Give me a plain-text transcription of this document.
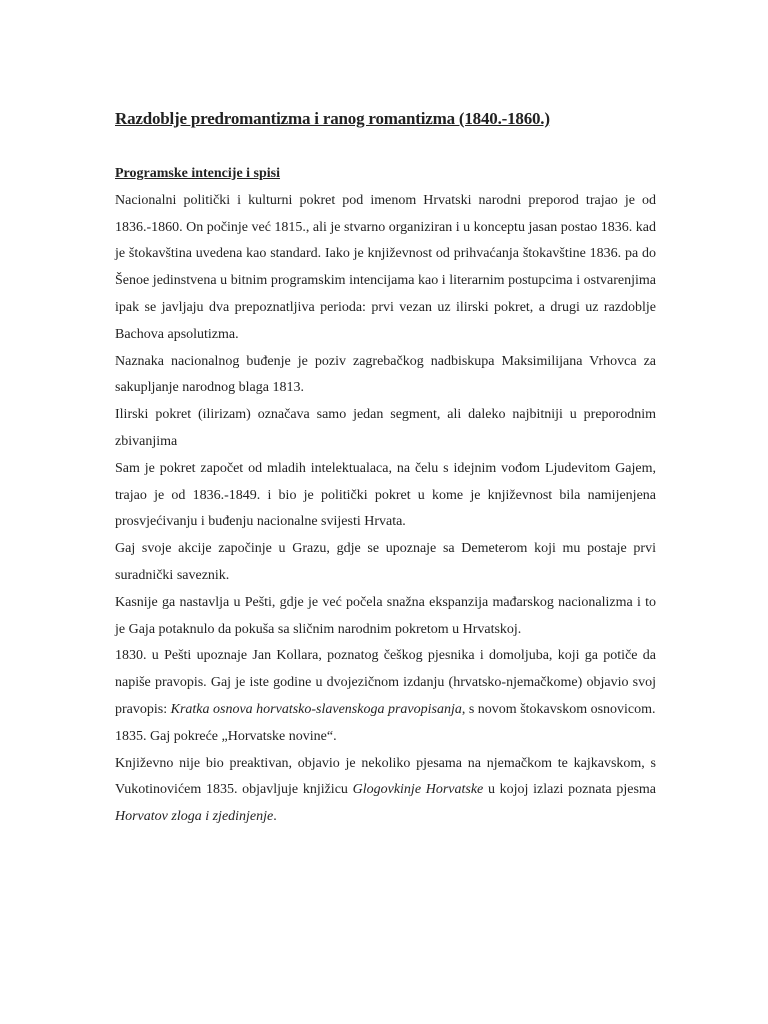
Razdoblje predromantizma i ranog romantizma (1840.-1860.)
Programske intencije i spisi

Nacionalni politički i kulturni pokret pod imenom Hrvatski narodni preporod trajao je od 1836.-1860. On počinje već 1815., ali je stvarno organiziran i u konceptu jasan postao 1836. kad je štokavština uvedena kao standard. Iako je književnost od prihvaćanja štokavštine 1836. pa do Šenoe jedinstvena u bitnim programskim intencijama kao i literarnim postupcima i ostvarenjima ipak se javljaju dva prepoznatljiva perioda: prvi vezan uz ilirski pokret, a drugi uz razdoblje Bachova apsolutizma.

Naznaka nacionalnog buđenje je poziv zagrebačkog nadbiskupa Maksimilijana Vrhovca za sakupljanje narodnog blaga 1813.

Ilirski pokret (ilirizam) označava samo jedan segment, ali daleko najbitniji u preporodnim zbivanjima

Sam je pokret započet od mladih intelektualaca, na čelu s idejnim vođom Ljudevitom Gajem, trajao je od 1836.-1849. i bio je politički pokret u kome je književnost bila namijenjena prosvjećivanju i buđenju nacionalne svijesti Hrvata.

Gaj svoje akcije započinje u Grazu, gdje se upoznaje sa Demeterom koji mu postaje prvi suradnički saveznik.

Kasnije ga nastavlja u Pešti, gdje je već počela snažna ekspanzija mađarskog nacionalizma i to je Gaja potaknulo da pokuša sa sličnim narodnim pokretom u Hrvatskoj.

1830. u Pešti upoznaje Jan Kollara, poznatog češkog pjesnika i domoljuba, koji ga potiče da napiše pravopis. Gaj je iste godine u dvojezičnom izdanju (hrvatsko-njemačkome) objavio svoj pravopis: Kratka osnova horvatsko-slavenskoga pravopisanja, s novom štokavskom osnovicom.

1835. Gaj pokreće „Horvatske novine“.

Književno nije bio preaktivan, objavio je nekoliko pjesama na njemačkom te kajkavskom, s Vukotinovićem 1835. objavljuje knjižicu Glogovkinje Horvatske u kojoj izlazi poznata pjesma Horvatov zloga i zjedinjenje.
